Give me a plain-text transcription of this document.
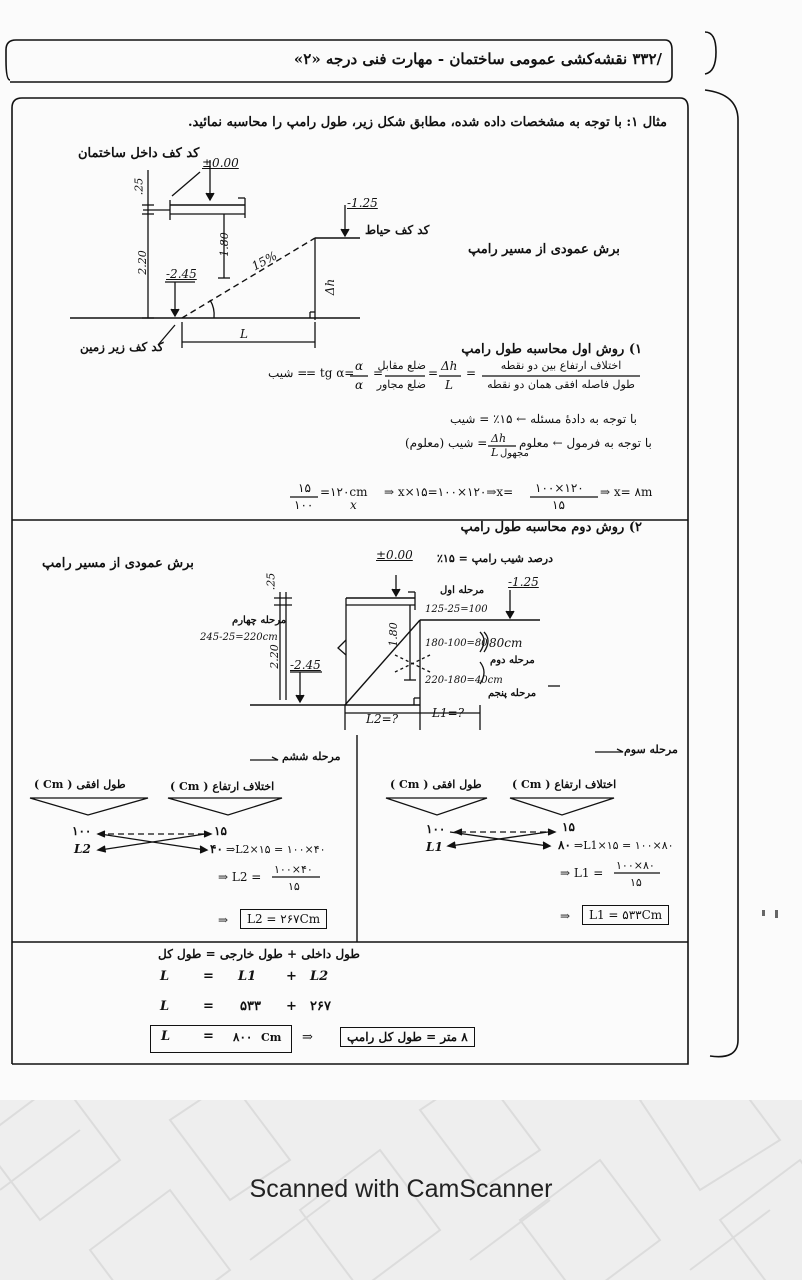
/۳۳۲ نقشه‌کشی عمومی ساختمان - مهارت فنی درجه «۲»
مثال ۱: با توجه به مشخصات داده شده، مطابق شکل زیر، طول رامپ را محاسبه نمائید.
کد کف داخل ساختمان
±0.00
.25
1.80
2.20 -2.45
15%
-1.25
کد کف حیاط
Δh
L
کد کف زیر زمین
برش عمودی از مسیر رامپ
۱) روش اول محاسبه طول رامپ
اختلاف ارتفاع بین دو نقطه
طول فاصله افقی همان دو نقطه
=
Δh
L
=
ضلع مقابل
ضلع مجاور
=
α
α
= tg α=
= شیب
با توجه به دادهٔ مسئله ← ۱۵٪ = شیب
با توجه به فرمول ← معلوم
Δh
L مجهول
= شیب (معلوم)
۱۵
۱۰۰
=۱۲۰cm
x
⇒ x×۱۵=۱۰۰×۱۲۰⇒x= ۱۰۰×۱۲۰
۱۵
⇒ x= ۸m
۲) روش دوم محاسبه طول رامپ
برش عمودی از مسیر رامپ	درصد شیب رامپ = ۱۵٪
±0.00
-1.25
مرحله اول
125-25=100
180-100=80 80cm
مرحله دوم
220-180=40cm
مرحله پنجم
مرحله چهارم
245-25=220cm
.25
1.80
2.20 -2.45
L2=?	L1=?
مرحله سوم
اختلاف ارتفاع ( Cm )
طول افقی ( Cm )
۱۰۰	۱۵
L1	۸۰ ⇒L1×۱۵ = ۱۰۰×۸۰
⇒ L1 =
۱۰۰×۸۰
۱۵
⇒	L1 = ۵۳۳Cm
مرحله ششم
اختلاف ارتفاع ( Cm )
طول افقی ( Cm )
۱۰۰	۱۵
L2	۴۰ ⇒L2×۱۵ = ۱۰۰×۴۰
⇒ L2 =
۱۰۰×۴۰
۱۵
⇒	L2 = ۲۶۷Cm
طول داخلی + طول خارجی = طول کل
L	= L1 + L2
L	= ۵۳۳ + ۲۶۷
L	= ۸۰۰ Cm ⇒	۸ متر = طول کل رامپ
Scanned with CamScanner
